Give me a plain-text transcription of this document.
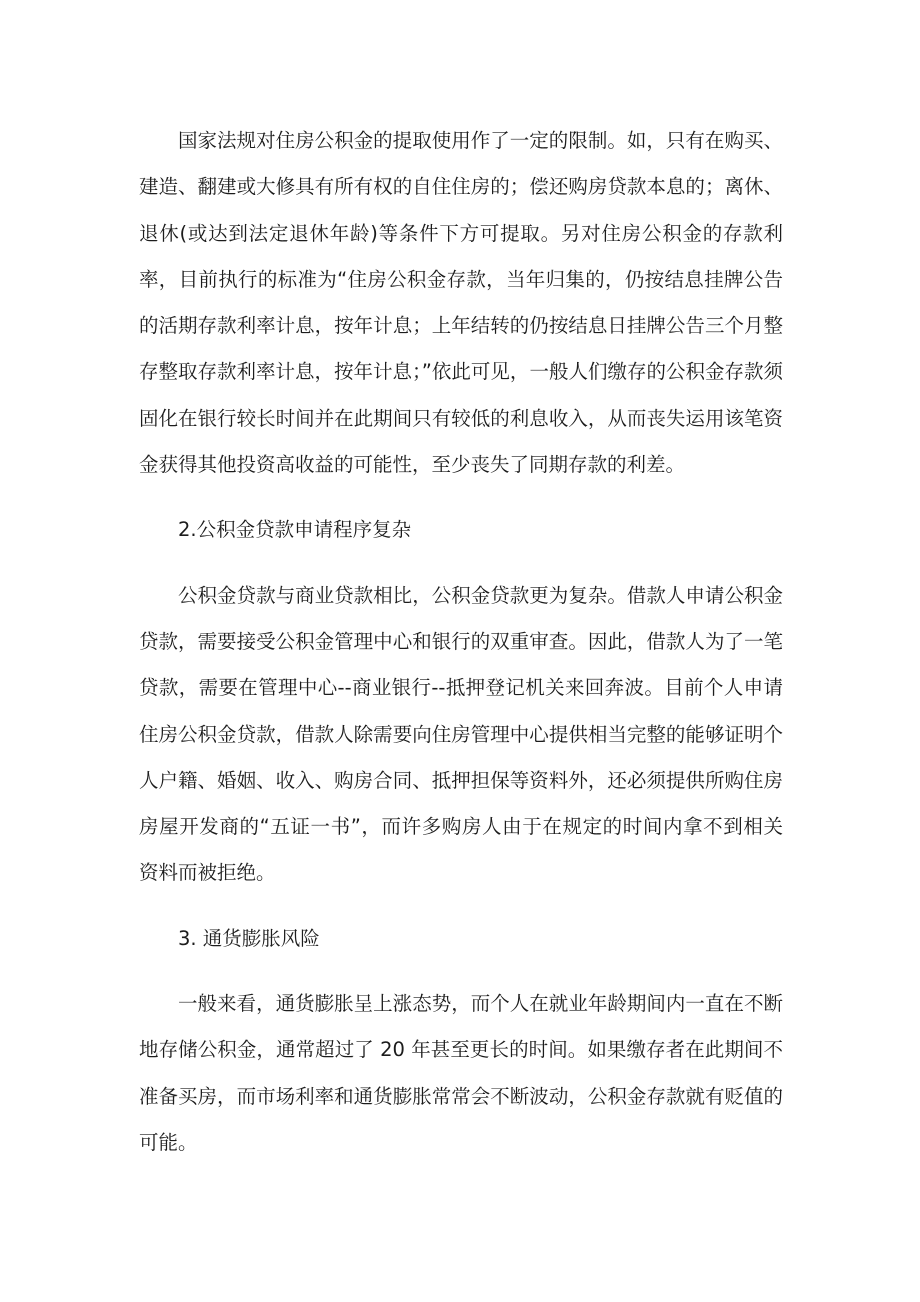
国家法规对住房公积金的提取使用作了一定的限制。如，只有在购买、建造、翻建或大修具有所有权的自住住房的；偿还购房贷款本息的；离休、退休(或达到法定退休年龄)等条件下方可提取。另对住房公积金的存款利率，目前执行的标准为“住房公积金存款，当年归集的，仍按结息挂牌公告的活期存款利率计息，按年计息；上年结转的仍按结息日挂牌公告三个月整存整取存款利率计息，按年计息；”依此可见，一般人们缴存的公积金存款须固化在银行较长时间并在此期间只有较低的利息收入，从而丧失运用该笔资金获得其他投资高收益的可能性，至少丧失了同期存款的利差。

2.公积金贷款申请程序复杂

公积金贷款与商业贷款相比，公积金贷款更为复杂。借款人申请公积金贷款，需要接受公积金管理中心和银行的双重审查。因此，借款人为了一笔贷款，需要在管理中心--商业银行--抵押登记机关来回奔波。目前个人申请住房公积金贷款，借款人除需要向住房管理中心提供相当完整的能够证明个人户籍、婚姻、收入、购房合同、抵押担保等资料外，还必须提供所购住房房屋开发商的“五证一书”，而许多购房人由于在规定的时间内拿不到相关资料而被拒绝。

3. 通货膨胀风险

一般来看，通货膨胀呈上涨态势，而个人在就业年龄期间内一直在不断地存储公积金，通常超过了 20 年甚至更长的时间。如果缴存者在此期间不准备买房，而市场利率和通货膨胀常常会不断波动，公积金存款就有贬值的可能。
